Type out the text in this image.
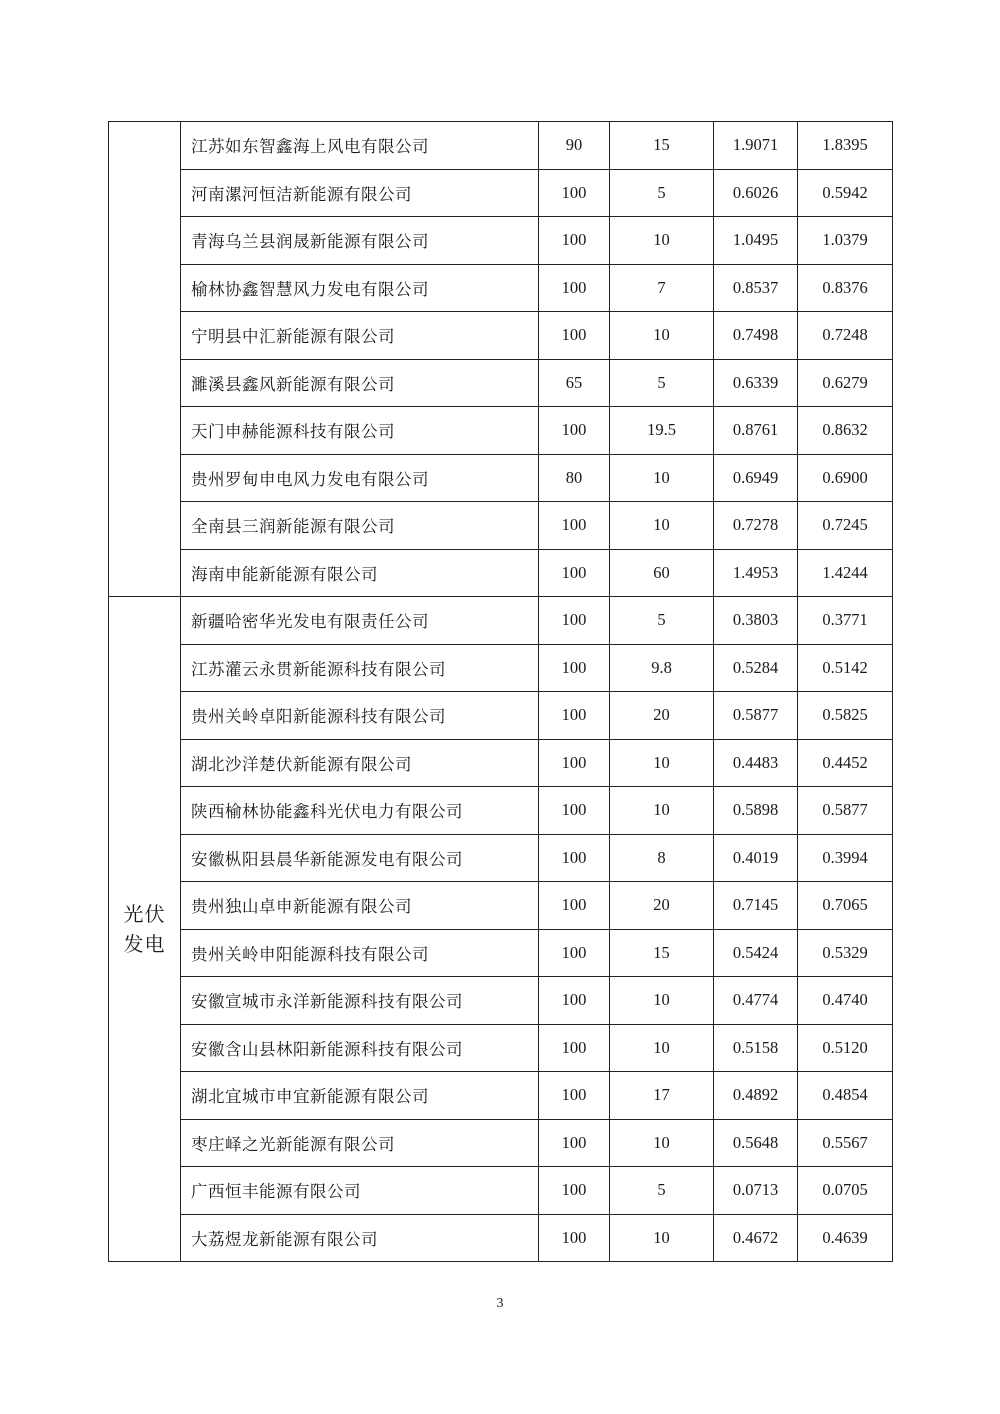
	江苏如东智鑫海上风电有限公司	90	15	1.9071	1.8395
	河南漯河恒洁新能源有限公司	100	5	0.6026	0.5942
	青海乌兰县润晟新能源有限公司	100	10	1.0495	1.0379
	榆林协鑫智慧风力发电有限公司	100	7	0.8537	0.8376
	宁明县中汇新能源有限公司	100	10	0.7498	0.7248
	濉溪县鑫风新能源有限公司	65	5	0.6339	0.6279
	天门申赫能源科技有限公司	100	19.5	0.8761	0.8632
	贵州罗甸申电风力发电有限公司	80	10	0.6949	0.6900
	全南县三润新能源有限公司	100	10	0.7278	0.7245
	海南申能新能源有限公司	100	60	1.4953	1.4244
光伏发电	新疆哈密华光发电有限责任公司	100	5	0.3803	0.3771
	江苏灌云永贯新能源科技有限公司	100	9.8	0.5284	0.5142
	贵州关岭卓阳新能源科技有限公司	100	20	0.5877	0.5825
	湖北沙洋楚伏新能源有限公司	100	10	0.4483	0.4452
	陕西榆林协能鑫科光伏电力有限公司	100	10	0.5898	0.5877
	安徽枞阳县晨华新能源发电有限公司	100	8	0.4019	0.3994
	贵州独山卓申新能源有限公司	100	20	0.7145	0.7065
	贵州关岭申阳能源科技有限公司	100	15	0.5424	0.5329
	安徽宣城市永洋新能源科技有限公司	100	10	0.4774	0.4740
	安徽含山县林阳新能源科技有限公司	100	10	0.5158	0.5120
	湖北宜城市申宜新能源有限公司	100	17	0.4892	0.4854
	枣庄峄之光新能源有限公司	100	10	0.5648	0.5567
	广西恒丰能源有限公司	100	5	0.0713	0.0705
	大荔煜龙新能源有限公司	100	10	0.4672	0.4639
3
